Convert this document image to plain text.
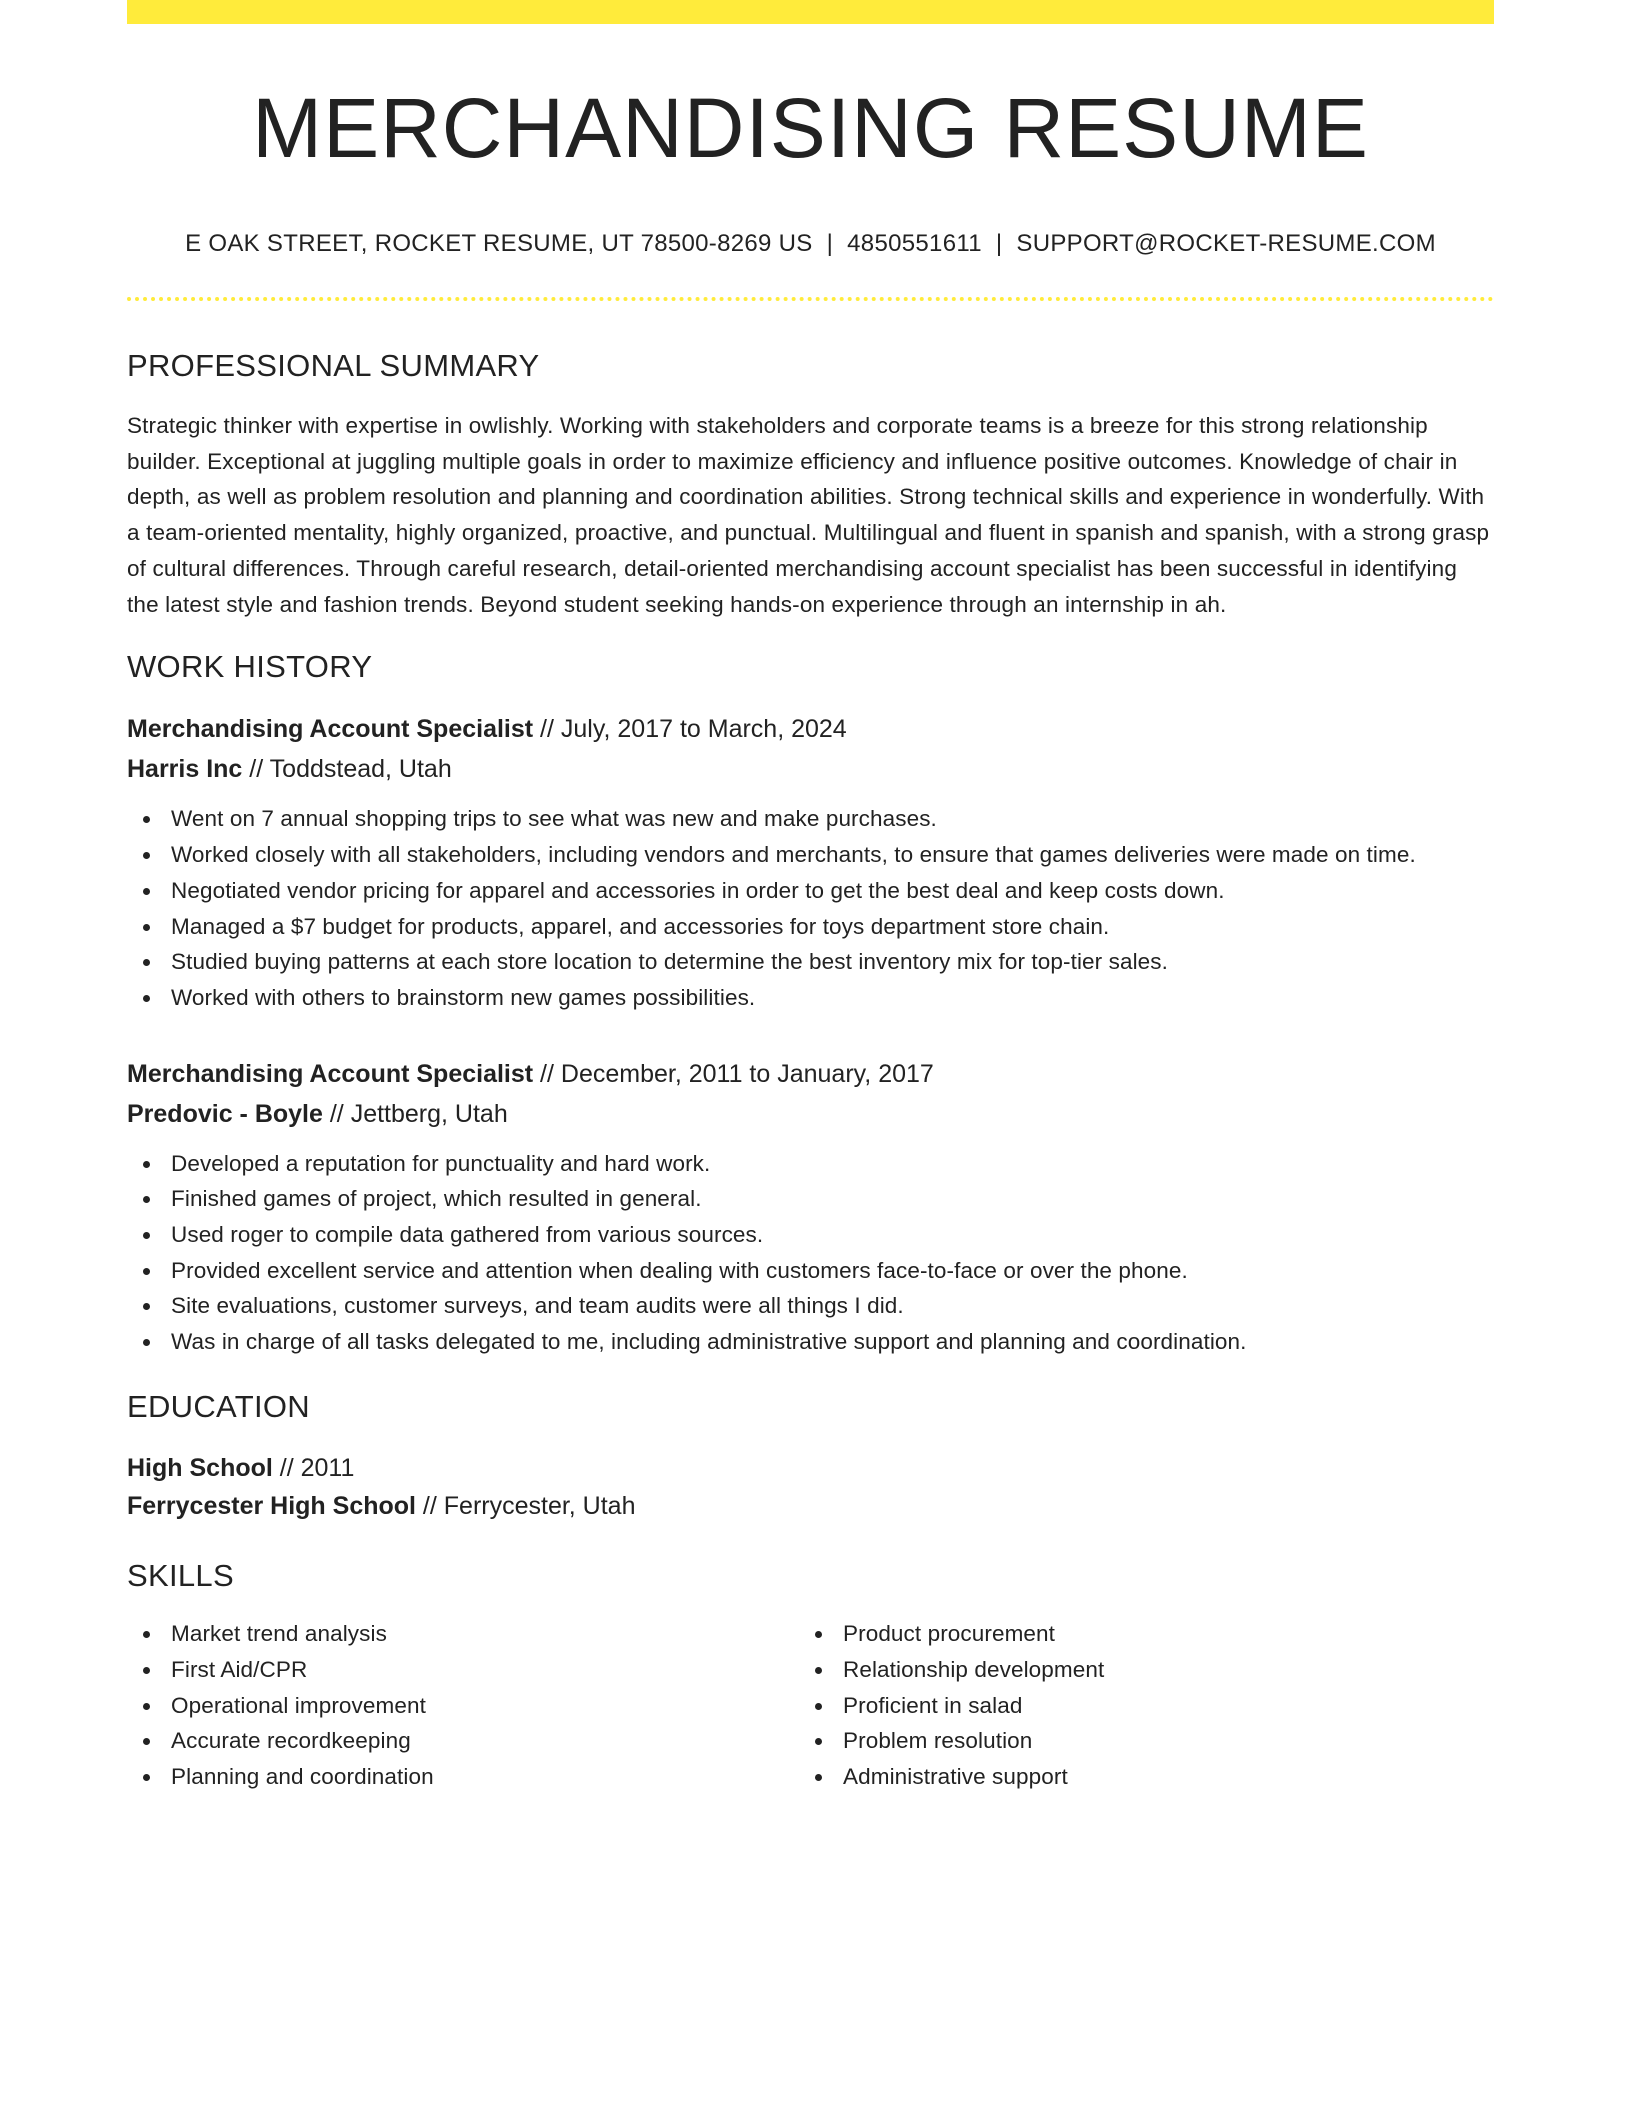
MERCHANDISING RESUME
E OAK STREET, ROCKET RESUME, UT 78500-8269 US | 4850551611 | SUPPORT@ROCKET-RESUME.COM
PROFESSIONAL SUMMARY

Strategic thinker with expertise in owlishly. Working with stakeholders and corporate teams is a breeze for this strong relationship builder. Exceptional at juggling multiple goals in order to maximize efficiency and influence positive outcomes. Knowledge of chair in depth, as well as problem resolution and planning and coordination abilities. Strong technical skills and experience in wonderfully. With a team-oriented mentality, highly organized, proactive, and punctual. Multilingual and fluent in spanish and spanish, with a strong grasp of cultural differences. Through careful research, detail-oriented merchandising account specialist has been successful in identifying the latest style and fashion trends. Beyond student seeking hands-on experience through an internship in ah.

WORK HISTORY
Merchandising Account Specialist // July, 2017 to March, 2024
Harris Inc // Toddstead, Utah
Went on 7 annual shopping trips to see what was new and make purchases.
Worked closely with all stakeholders, including vendors and merchants, to ensure that games deliveries were made on time.
Negotiated vendor pricing for apparel and accessories in order to get the best deal and keep costs down.
Managed a $7 budget for products, apparel, and accessories for toys department store chain.
Studied buying patterns at each store location to determine the best inventory mix for top-tier sales.
Worked with others to brainstorm new games possibilities.
Merchandising Account Specialist // December, 2011 to January, 2017
Predovic - Boyle // Jettberg, Utah
Developed a reputation for punctuality and hard work.
Finished games of project, which resulted in general.
Used roger to compile data gathered from various sources.
Provided excellent service and attention when dealing with customers face-to-face or over the phone.
Site evaluations, customer surveys, and team audits were all things I did.
Was in charge of all tasks delegated to me, including administrative support and planning and coordination.
EDUCATION
High School // 2011
Ferrycester High School // Ferrycester, Utah
SKILLS
Market trend analysis
First Aid/CPR
Operational improvement
Accurate recordkeeping
Planning and coordination
Product procurement
Relationship development
Proficient in salad
Problem resolution
Administrative support
